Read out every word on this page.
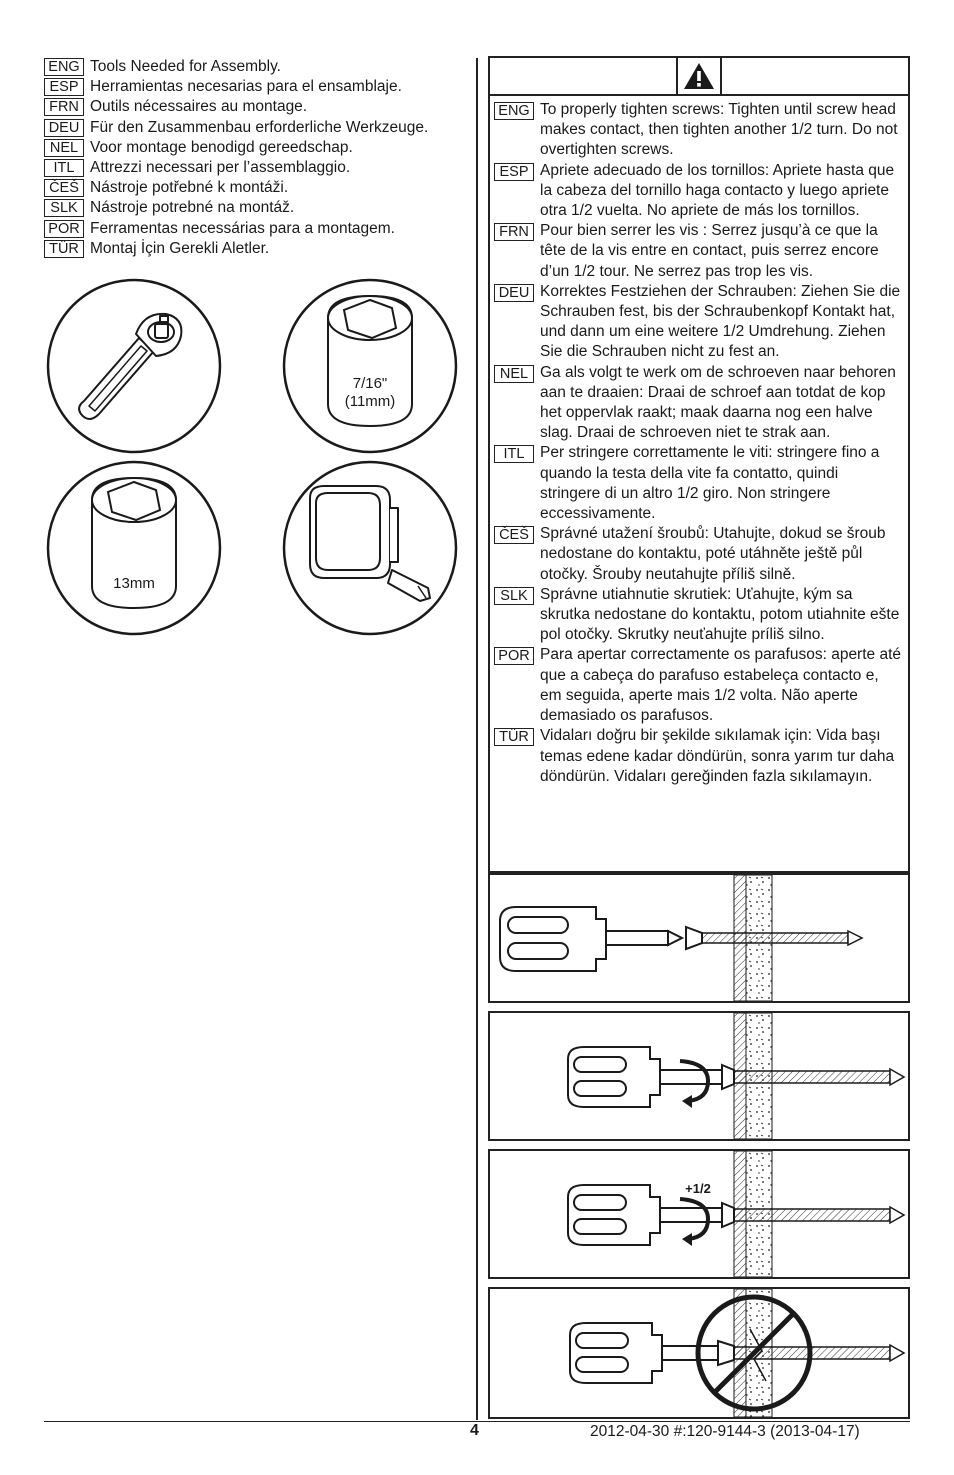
ENG Tools Needed for Assembly.
ESP Herramientas necesarias para el ensamblaje.
FRN Outils nécessaires au montage.
DEU Für den Zusammenbau erforderliche Werkzeuge.
NEL Voor montage benodigd gereedschap.
ITL	Attrezzi necessari per l’assemblaggio.
ČEŠ Nástroje potřebné k montáži.
SLK Nástroje potrebné na montáž.
POR Ferramentas necessárias para a montagem.
TÜR Montaj İçin Gerekli Aletler.
7/16"
(11mm)
13mm
ENG To properly tighten screws: Tighten until screw head makes contact, then tighten another 1/2 turn. Do not overtighten screws.
ESP Apriete adecuado de los tornillos: Apriete hasta que la cabeza del tornillo haga contacto y luego apriete otra 1/2 vuelta. No apriete de más los tornillos.
FRN Pour bien serrer les vis : Serrez jusqu’à ce que la tête de la vis entre en contact, puis serrez encore d’un 1/2 tour. Ne serrez pas trop les vis.
DEU Korrektes Festziehen der Schrauben: Ziehen Sie die Schrauben fest, bis der Schraubenkopf Kontakt hat, und dann um eine weitere 1/2 Umdrehung. Ziehen Sie die Schrauben nicht zu fest an.
NEL Ga als volgt te werk om de schroeven naar behoren aan te draaien: Draai de schroef aan totdat de kop het oppervlak raakt; maak daarna nog een halve slag. Draai de schroeven niet te strak aan.
ITL	Per stringere correttamente le viti: stringere fino a quando la testa della vite fa contatto, quindi stringere di un altro 1/2 giro. Non stringere eccessivamente.
ČEŠ Správné utažení šroubů: Utahujte, dokud se šroub nedostane do kontaktu, poté utáhněte ještě půl otočky. Šrouby neutahujte příliš silně.
SLK Správne utiahnutie skrutiek: Uťahujte, kým sa skrutka nedostane do kontaktu, potom utiahnite ešte pol otočky. Skrutky neuťahujte príliš silno.
POR Para apertar correctamente os parafusos: aperte até que a cabeça do parafuso estabeleça contacto e, em seguida, aperte mais 1/2 volta. Não aperte demasiado os parafusos.
TÜR Vidaları doğru bir şekilde sıkılamak için: Vida başı temas edene kadar döndürün, sonra yarım tur daha döndürün. Vidaları gereğinden fazla sıkılamayın.
+1/2
4	2012-04-30 #:120-9144-3 (2013-04-17)
